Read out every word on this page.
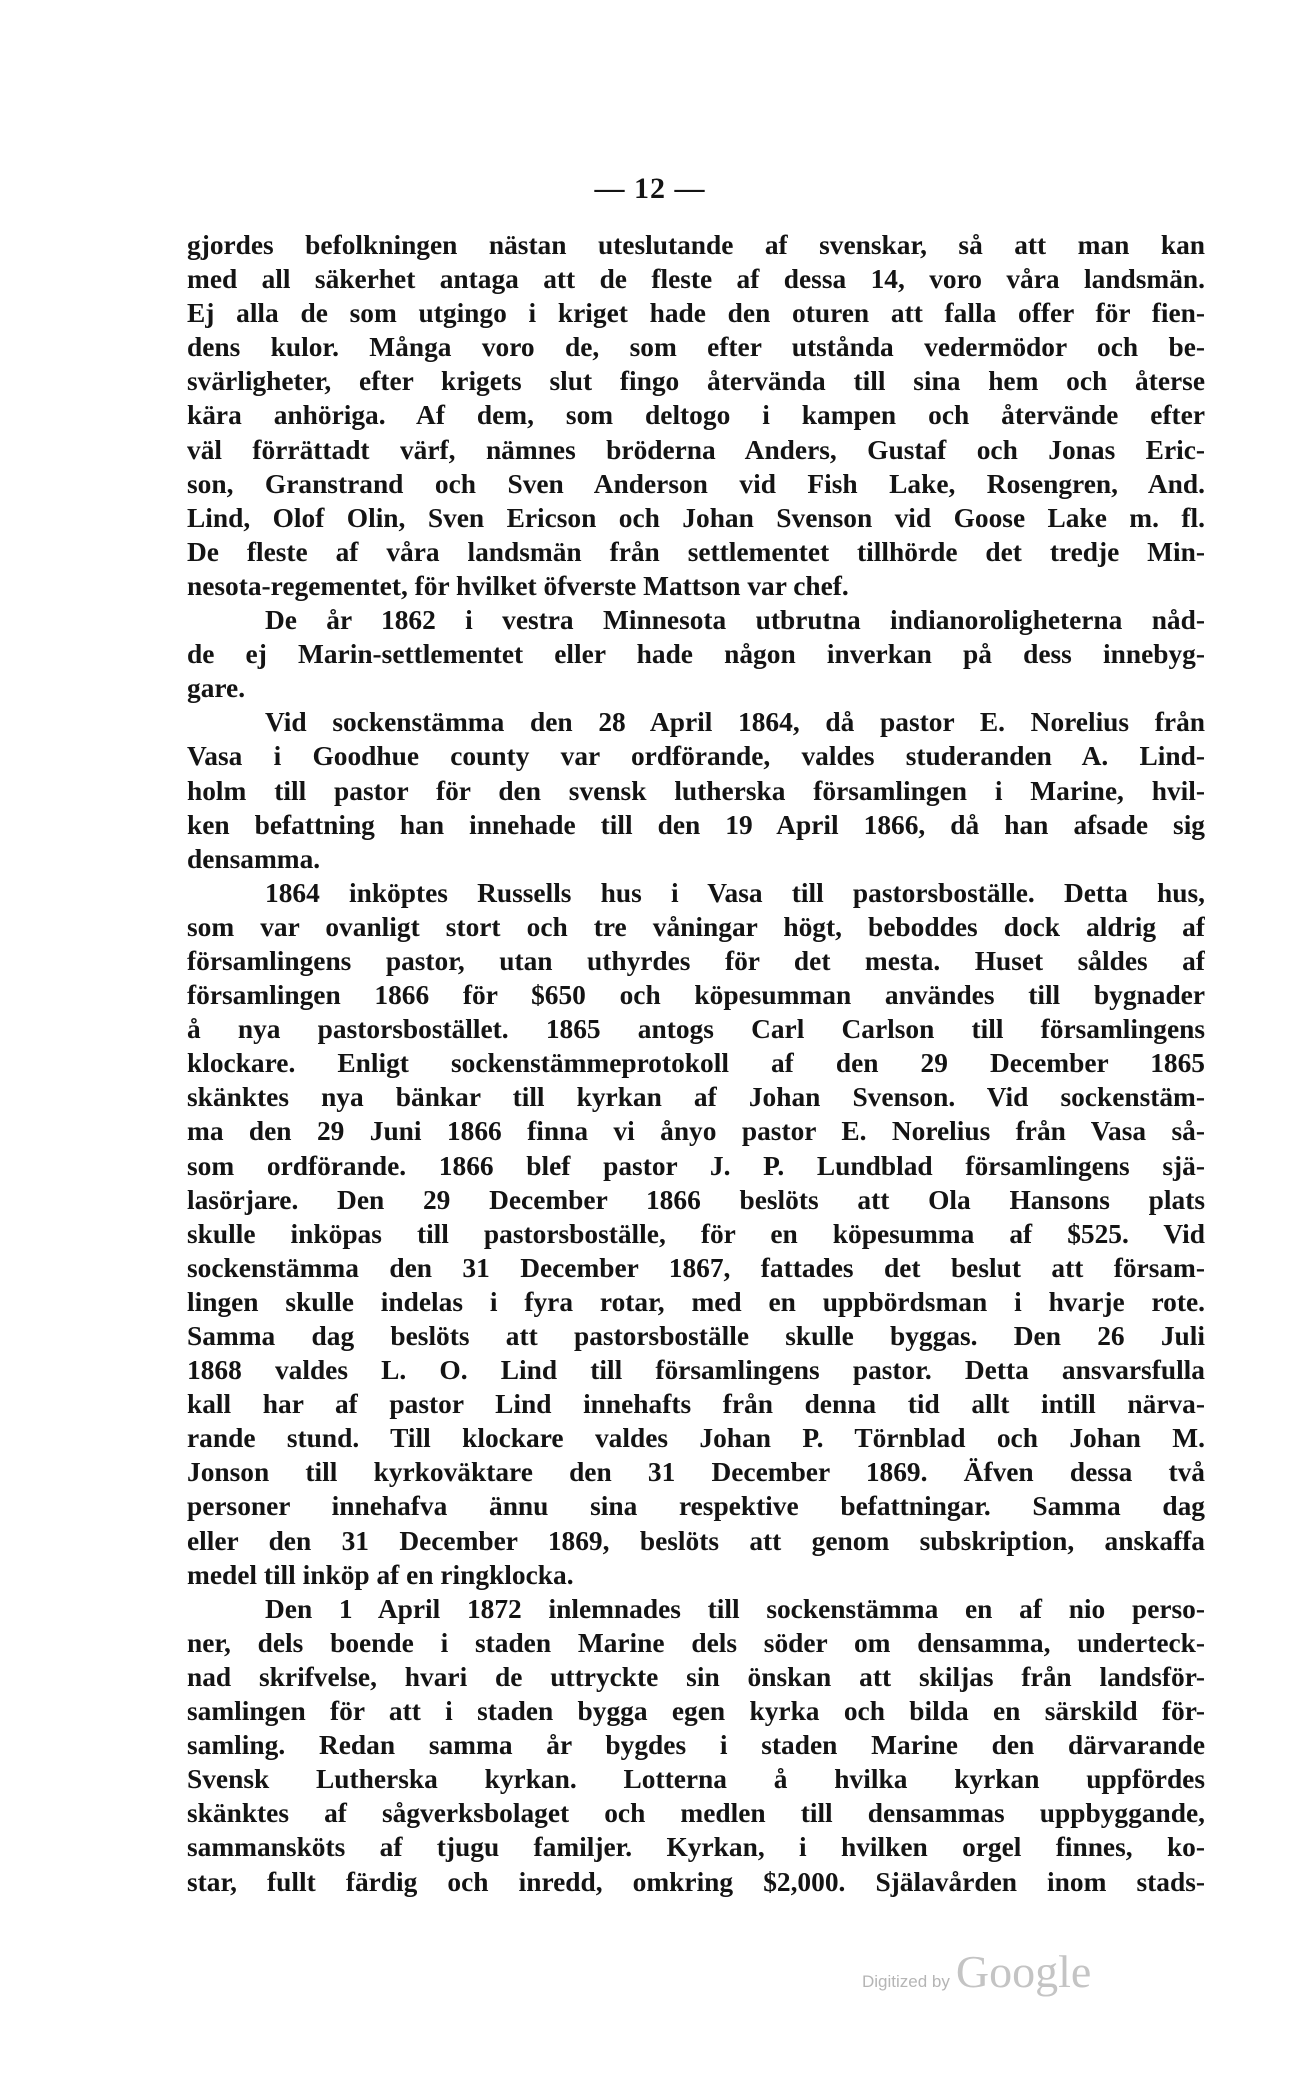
— 12 —
gjordes befolkningen nästan uteslutande af svenskar, så att man kan
med all säkerhet antaga att de fleste af dessa 14, voro våra landsmän.
Ej alla de som utgingo i kriget hade den oturen att falla offer för fien-
dens kulor. Många voro de, som efter utstånda vedermödor och be-
svärligheter, efter krigets slut fingo återvända till sina hem och återse
kära anhöriga. Af dem, som deltogo i kampen och återvände efter
väl förrättadt värf, nämnes bröderna Anders, Gustaf och Jonas Eric-
son, Granstrand och Sven Anderson vid Fish Lake, Rosengren, And.
Lind, Olof Olin, Sven Ericson och Johan Svenson vid Goose Lake m. fl.
De fleste af våra landsmän från settlementet tillhörde det tredje Min-
nesota-regementet, för hvilket öfverste Mattson var chef.
De år 1862 i vestra Minnesota utbrutna indianoroligheterna nåd-
de ej Marin-settlementet eller hade någon inverkan på dess innebyg-
gare.
Vid sockenstämma den 28 April 1864, då pastor E. Norelius från
Vasa i Goodhue county var ordförande, valdes studeranden A. Lind-
holm till pastor för den svensk lutherska församlingen i Marine, hvil-
ken befattning han innehade till den 19 April 1866, då han afsade sig
densamma.
1864 inköptes Russells hus i Vasa till pastorsboställe. Detta hus,
som var ovanligt stort och tre våningar högt, beboddes dock aldrig af
församlingens pastor, utan uthyrdes för det mesta. Huset såldes af
församlingen 1866 för $650 och köpesumman användes till bygnader
å nya pastorsbostället. 1865 antogs Carl Carlson till församlingens
klockare. Enligt sockenstämmeprotokoll af den 29 December 1865
skänktes nya bänkar till kyrkan af Johan Svenson. Vid sockenstäm-
ma den 29 Juni 1866 finna vi ånyo pastor E. Norelius från Vasa så-
som ordförande. 1866 blef pastor J. P. Lundblad församlingens sjä-
lasörjare. Den 29 December 1866 beslöts att Ola Hansons plats
skulle inköpas till pastorsboställe, för en köpesumma af $525. Vid
sockenstämma den 31 December 1867, fattades det beslut att försam-
lingen skulle indelas i fyra rotar, med en uppbördsman i hvarje rote.
Samma dag beslöts att pastorsboställe skulle byggas. Den 26 Juli
1868 valdes L. O. Lind till församlingens pastor. Detta ansvarsfulla
kall har af pastor Lind innehafts från denna tid allt intill närva-
rande stund. Till klockare valdes Johan P. Törnblad och Johan M.
Jonson till kyrkoväktare den 31 December 1869. Äfven dessa två
personer innehafva ännu sina respektive befattningar. Samma dag
eller den 31 December 1869, beslöts att genom subskription, anskaffa
medel till inköp af en ringklocka.
Den 1 April 1872 inlemnades till sockenstämma en af nio perso-
ner, dels boende i staden Marine dels söder om densamma, underteck-
nad skrifvelse, hvari de uttryckte sin önskan att skiljas från landsför-
samlingen för att i staden bygga egen kyrka och bilda en särskild för-
samling. Redan samma år bygdes i staden Marine den därvarande
Svensk Lutherska kyrkan. Lotterna å hvilka kyrkan uppfördes
skänktes af sågverksbolaget och medlen till densammas uppbyggande,
sammansköts af tjugu familjer. Kyrkan, i hvilken orgel finnes, ko-
star, fullt färdig och inredd, omkring $2,000. Själavården inom stads-
Digitized by Google
